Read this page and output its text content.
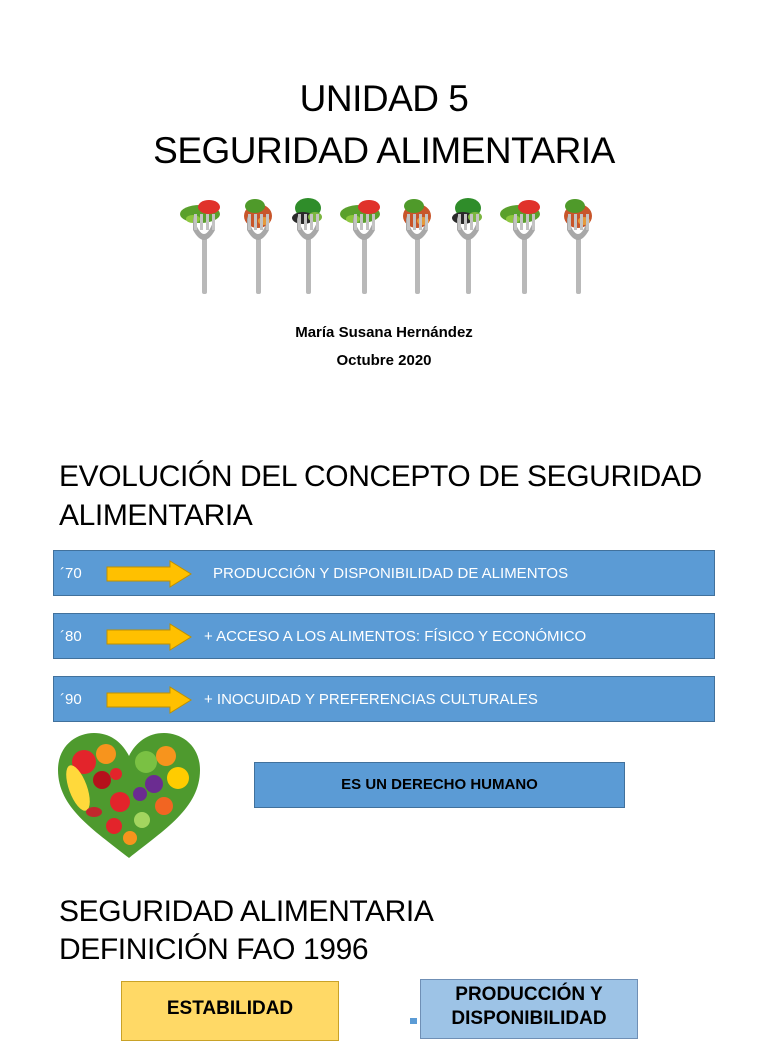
UNIDAD 5
SEGURIDAD ALIMENTARIA
María Susana Hernández
Octubre 2020
EVOLUCIÓN DEL CONCEPTO DE SEGURIDAD
ALIMENTARIA
´70	PRODUCCIÓN Y DISPONIBILIDAD DE ALIMENTOS
´80	+ ACCESO A LOS ALIMENTOS: FÍSICO Y ECONÓMICO
´90	+ INOCUIDAD Y PREFERENCIAS CULTURALES
ES UN DERECHO HUMANO
SEGURIDAD ALIMENTARIA
DEFINICIÓN FAO 1996
ESTABILIDAD
PRODUCCIÓN Y
DISPONIBILIDAD
